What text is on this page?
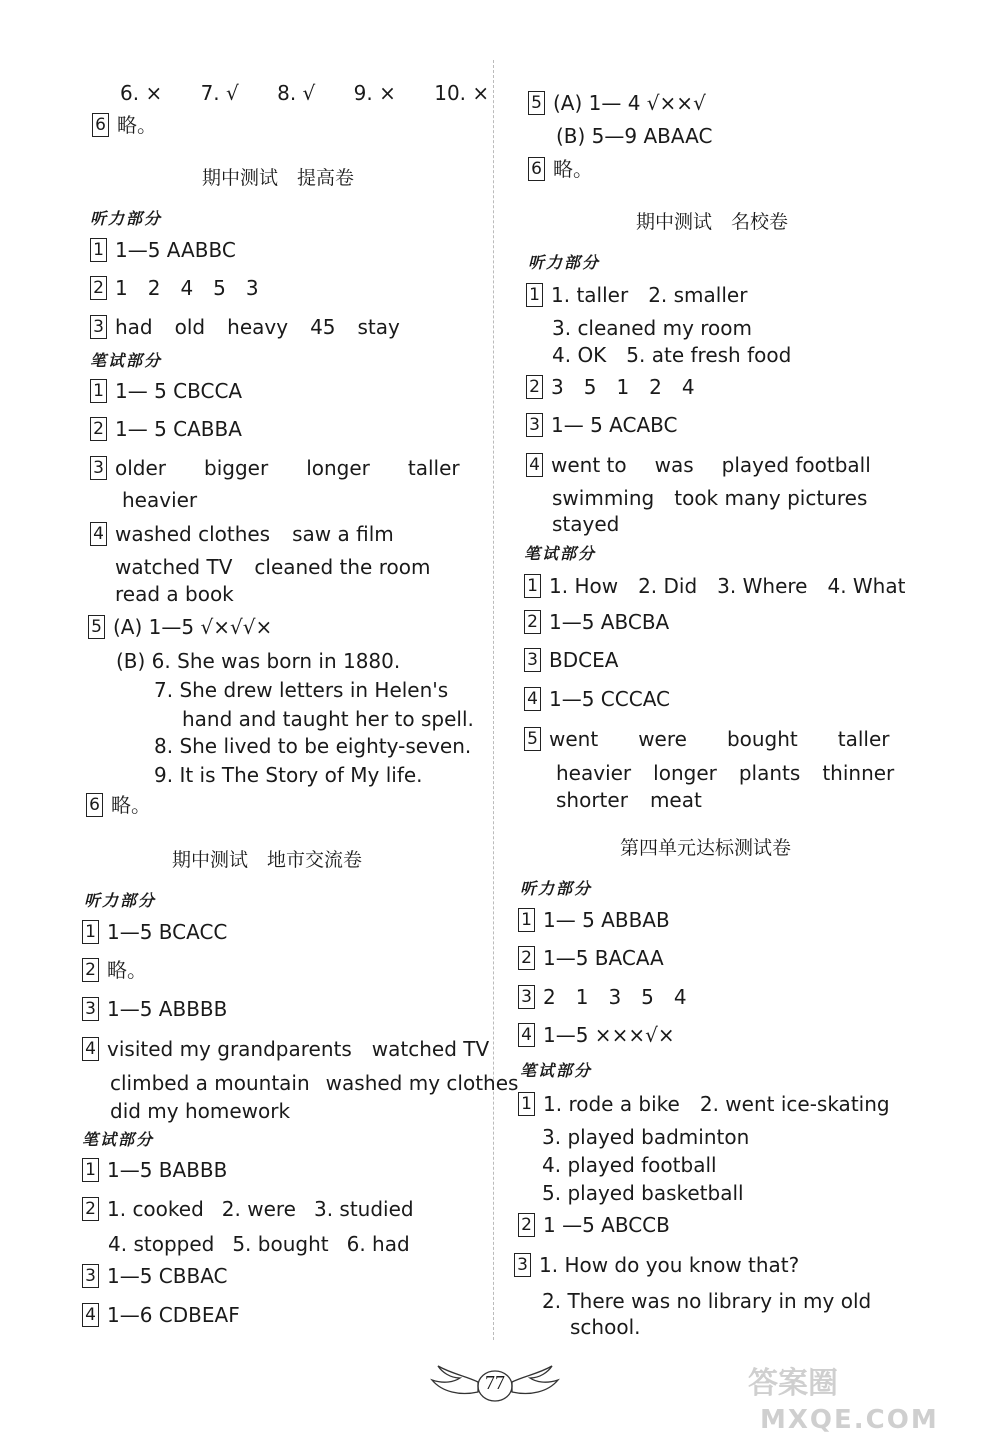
6. × 7. √ 8. √ 9. × 10. ×
6 略。
期中测试　提高卷
听力部分
1 1—5 AABBC
2 1　2　4　5　3
3 had old heavy 45 stay
笔试部分
1 1— 5 CBCCA
2 1— 5 CABBA
3 older bigger longer taller
heavier
4 washed clothes saw a film
watched TV cleaned the room
read a book
5 (A) 1—5 √×√√×
(B) 6. She was born in 1880.
7. She drew letters in Helen's
hand and taught her to spell.
8. She lived to be eighty-seven.
9. It is The Story of My life.
6 略。
期中测试　地市交流卷
听力部分
1 1—5 BCACC
2 略。
3 1—5 ABBBB
4 visited my grandparents watched TV
climbed a mountain washed my clothes
did my homework
笔试部分
1 1—5 BABBB
2 1. cooked 2. were 3. studied
4. stopped 5. bought 6. had
3 1—5 CBBAC
4 1—6 CDBEAF
5 (A) 1— 4 √××√
(B) 5—9 ABAAC
6 略。
期中测试　名校卷
听力部分
1 1. taller 2. smaller
3. cleaned my room
4. OK 5. ate fresh food
2 3　5　1　2　4
3 1— 5 ACABC
4 went to was played football
swimming took many pictures
stayed
笔试部分
1 1. How 2. Did 3. Where 4. What
2 1—5 ABCBA
3 BDCEA
4 1—5 CCCAC
5 went were bought taller
heavier longer plants thinner
shorter meat
第四单元达标测试卷
听力部分
1 1— 5 ABBAB
2 1—5 BACAA
3 2　1　3　5　4
4 1—5 ×××√×
笔试部分
1 1. rode a bike 2. went ice-skating
3. played badminton
4. played football
5. played basketball
2 1 —5 ABCCB
3 1. How do you know that?
2. There was no library in my old
school.
77	答案圈
MXQE.COM
